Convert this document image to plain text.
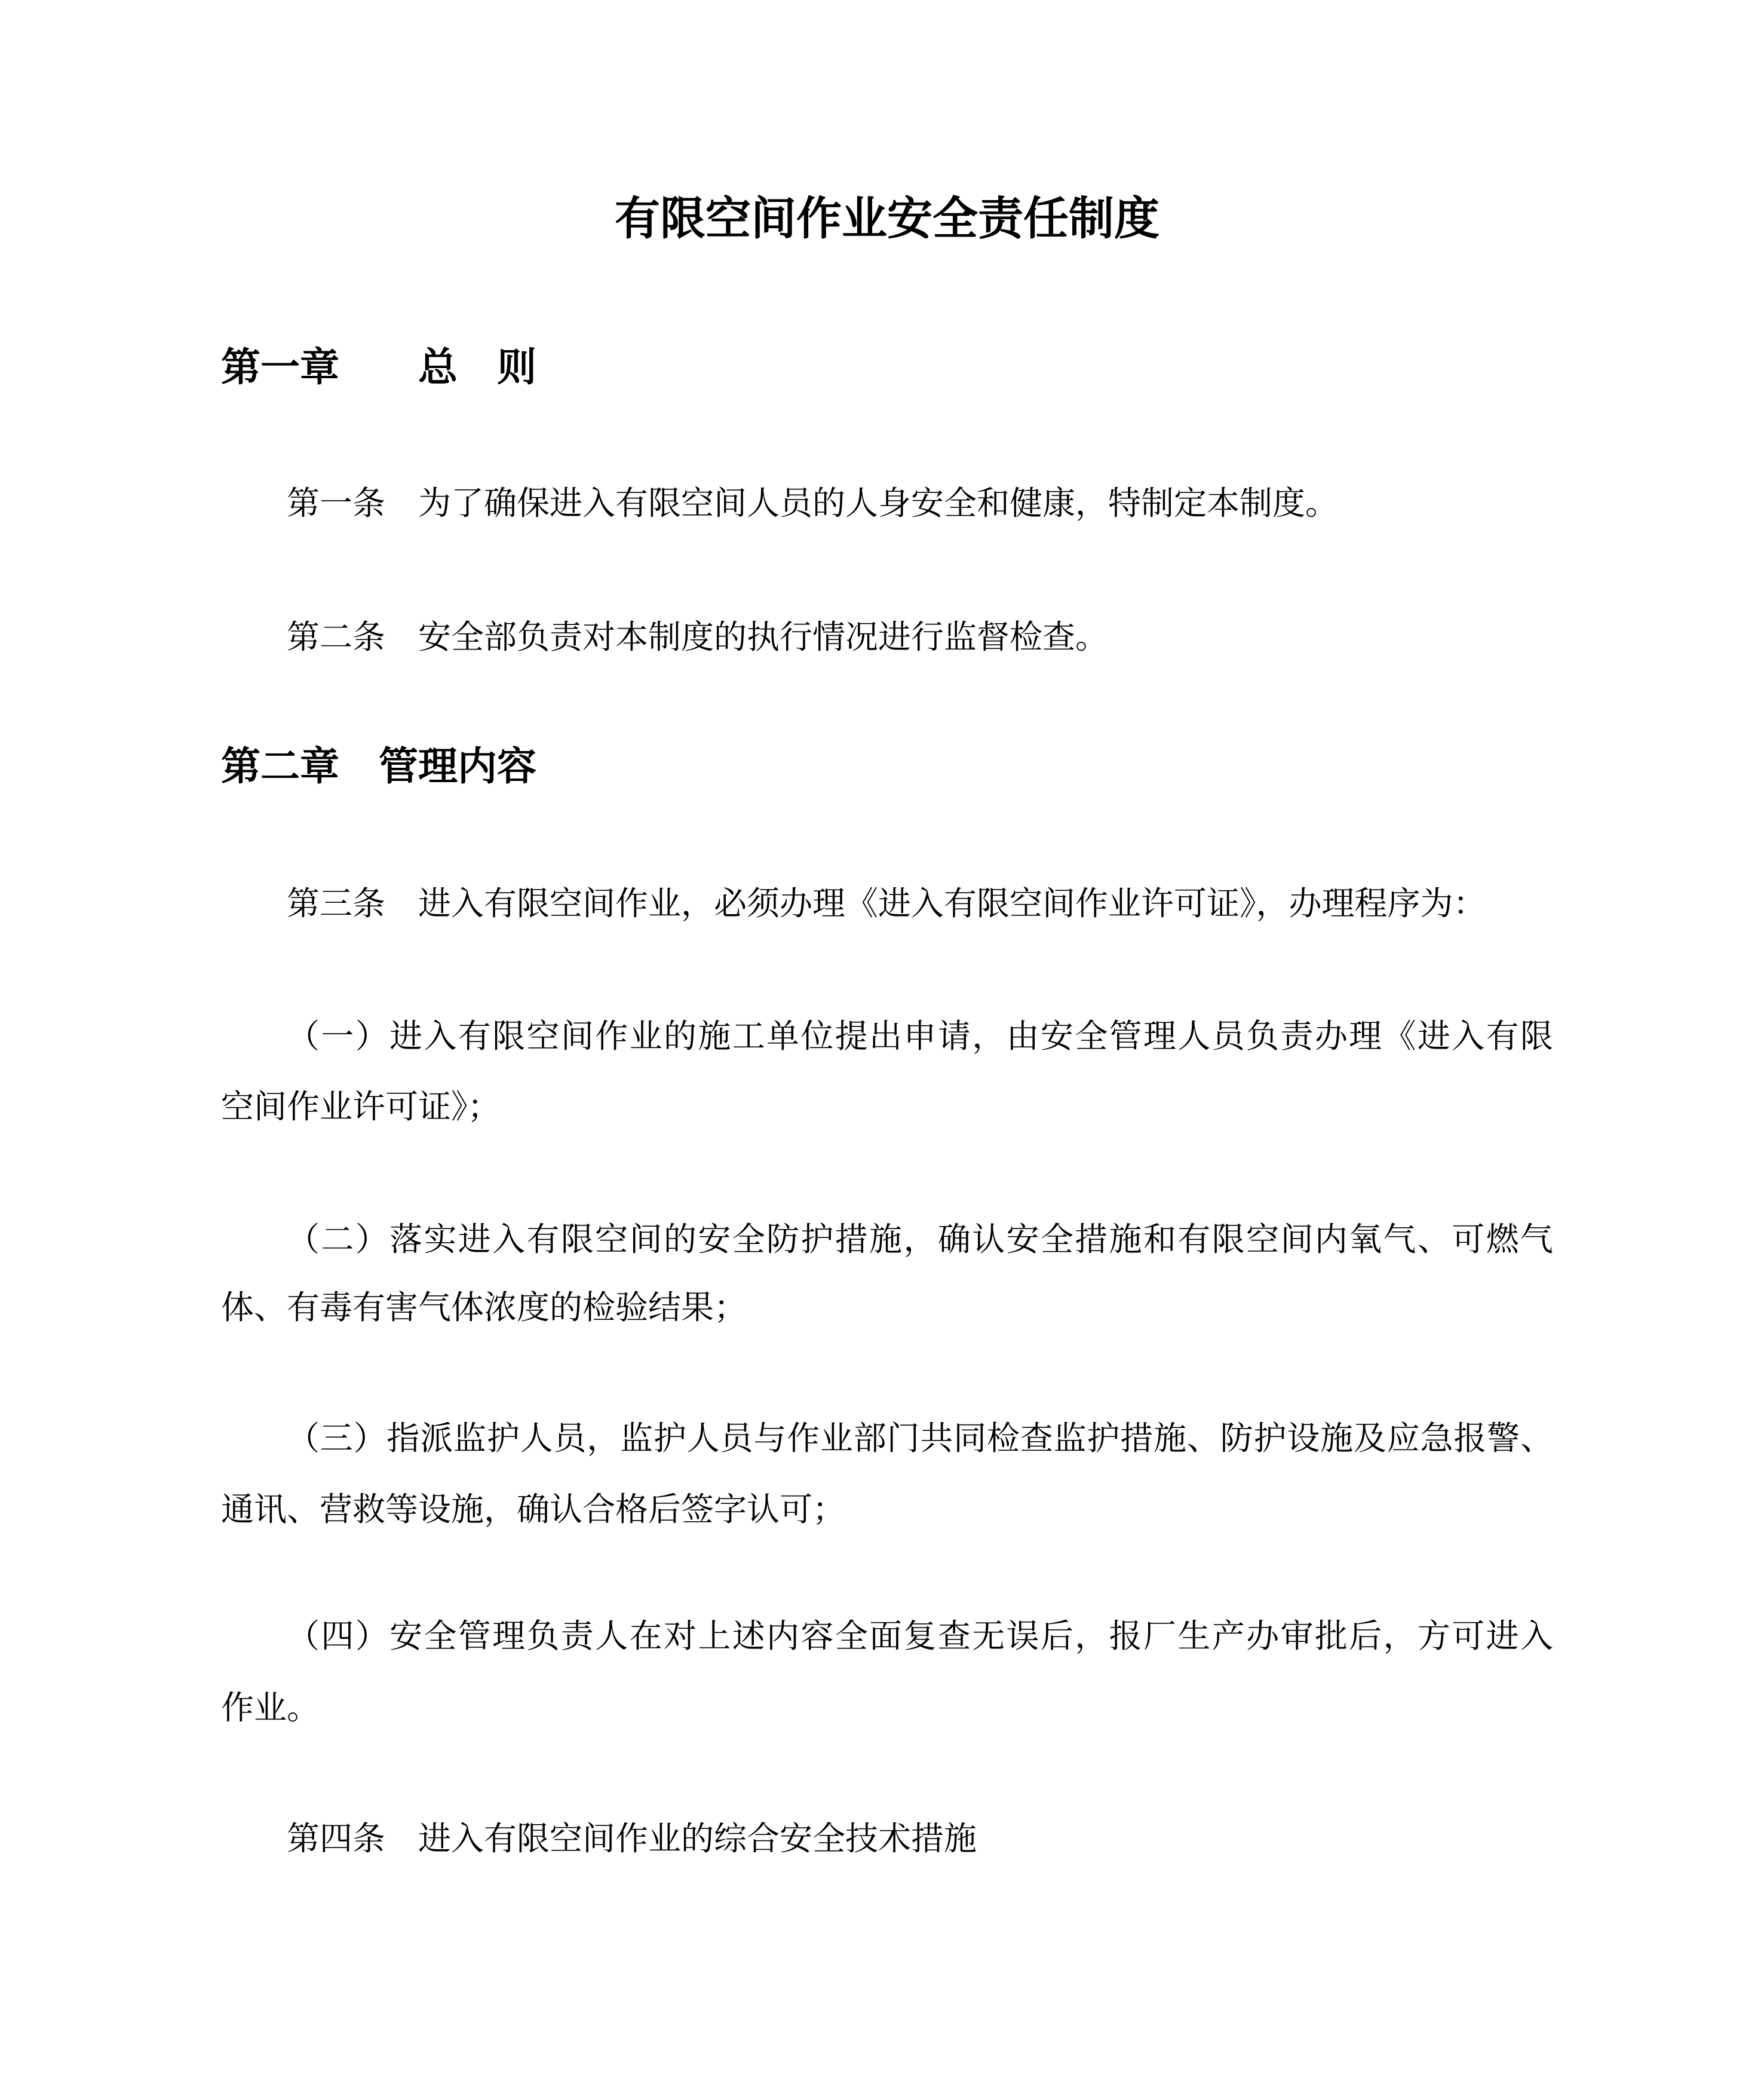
有限空间作业安全责任制度
第一章　　总　则
第一条　为了确保进入有限空间人员的人身安全和健康，特制定本制度。
第二条　安全部负责对本制度的执行情况进行监督检查。
第二章　管理内容
第三条　进入有限空间作业，必须办理《进入有限空间作业许可证》，办理程序为：
（一）进入有限空间作业的施工单位提出申请，由安全管理人员负责办理《进入有限
空间作业许可证》；
（二）落实进入有限空间的安全防护措施，确认安全措施和有限空间内氧气、可燃气
体、有毒有害气体浓度的检验结果；
（三）指派监护人员，监护人员与作业部门共同检查监护措施、防护设施及应急报警、
通讯、营救等设施，确认合格后签字认可；
（四）安全管理负责人在对上述内容全面复查无误后，报厂生产办审批后，方可进入
作业。
第四条　进入有限空间作业的综合安全技术措施
